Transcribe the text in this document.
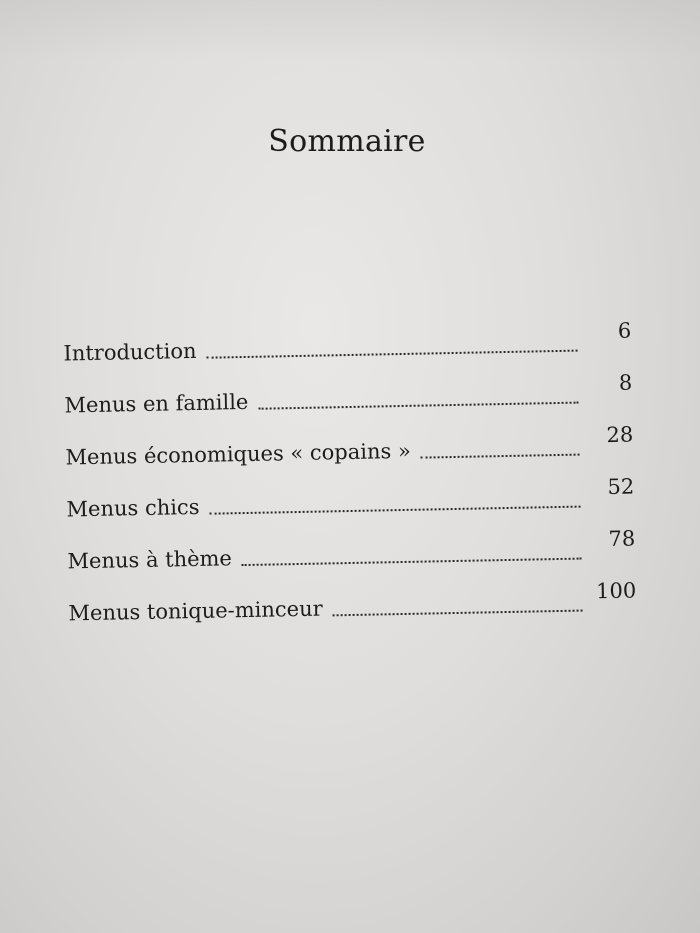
Sommaire
Introduction
6
Menus en famille
8
Menus économiques « copains »
28
Menus chics
52
Menus à thème
78
Menus tonique-minceur
100
